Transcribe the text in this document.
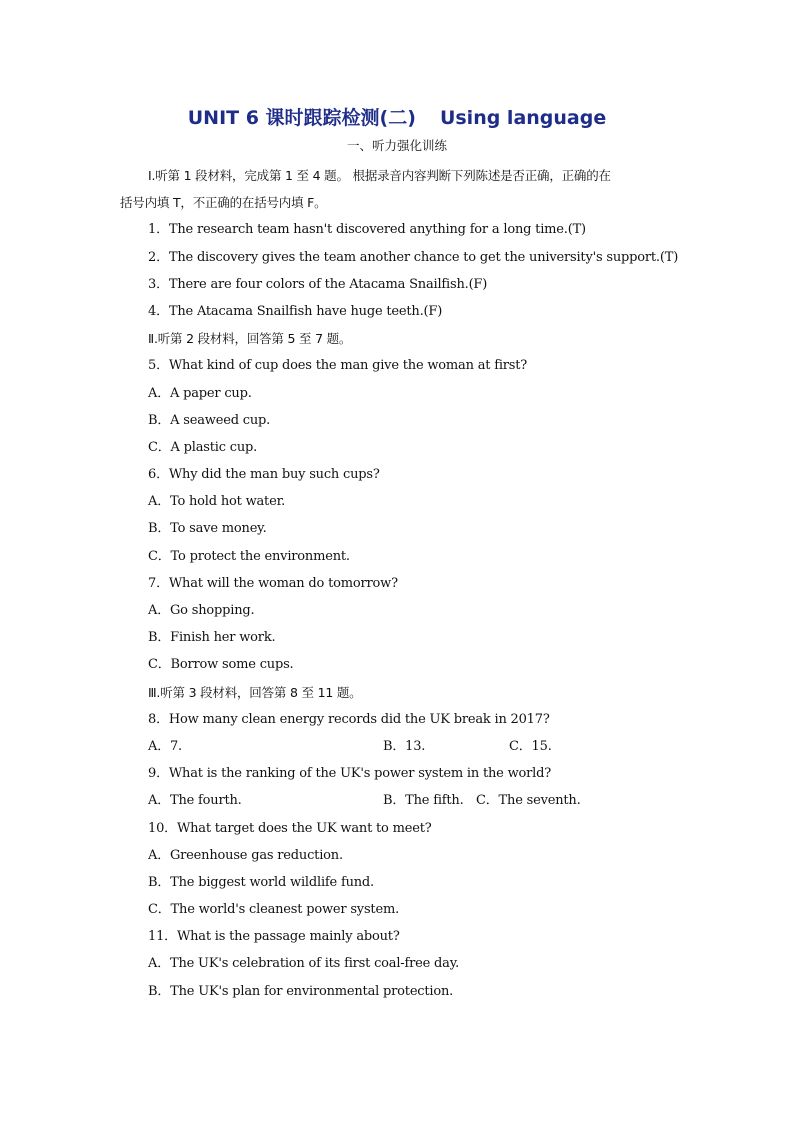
UNIT 6 课时跟踪检测(二) Using language
一、听力强化训练
Ⅰ.听第 1 段材料，完成第 1 至 4 题。 根据录音内容判断下列陈述是否正确，正确的在
括号内填 T，不正确的在括号内填 F。
1．The research team hasn't discovered anything for a long time.(T)
2．The discovery gives the team another chance to get the university's support.(T)
3．There are four colors of the Atacama Snailfish.(F)
4．The Atacama Snailfish have huge teeth.(F)
Ⅱ.听第 2 段材料，回答第 5 至 7 题。
5．What kind of cup does the man give the woman at first?
A．A paper cup.
B．A seaweed cup.
C．A plastic cup.
6．Why did the man buy such cups?
A．To hold hot water.
B．To save money.
C．To protect the environment.
7．What will the woman do tomorrow?
A．Go shopping.
B．Finish her work.
C．Borrow some cups.
Ⅲ.听第 3 段材料，回答第 8 至 11 题。
8．How many clean energy records did the UK break in 2017?
A．7.	B．13.	C．15.
9．What is the ranking of the UK's power system in the world?
A．The fourth.	B．The fifth. C．The seventh.
10．What target does the UK want to meet?
A．Greenhouse gas reduction.
B．The biggest world wildlife fund.
C．The world's cleanest power system.
11．What is the passage mainly about?
A．The UK's celebration of its first coal-free day.
B．The UK's plan for environmental protection.
